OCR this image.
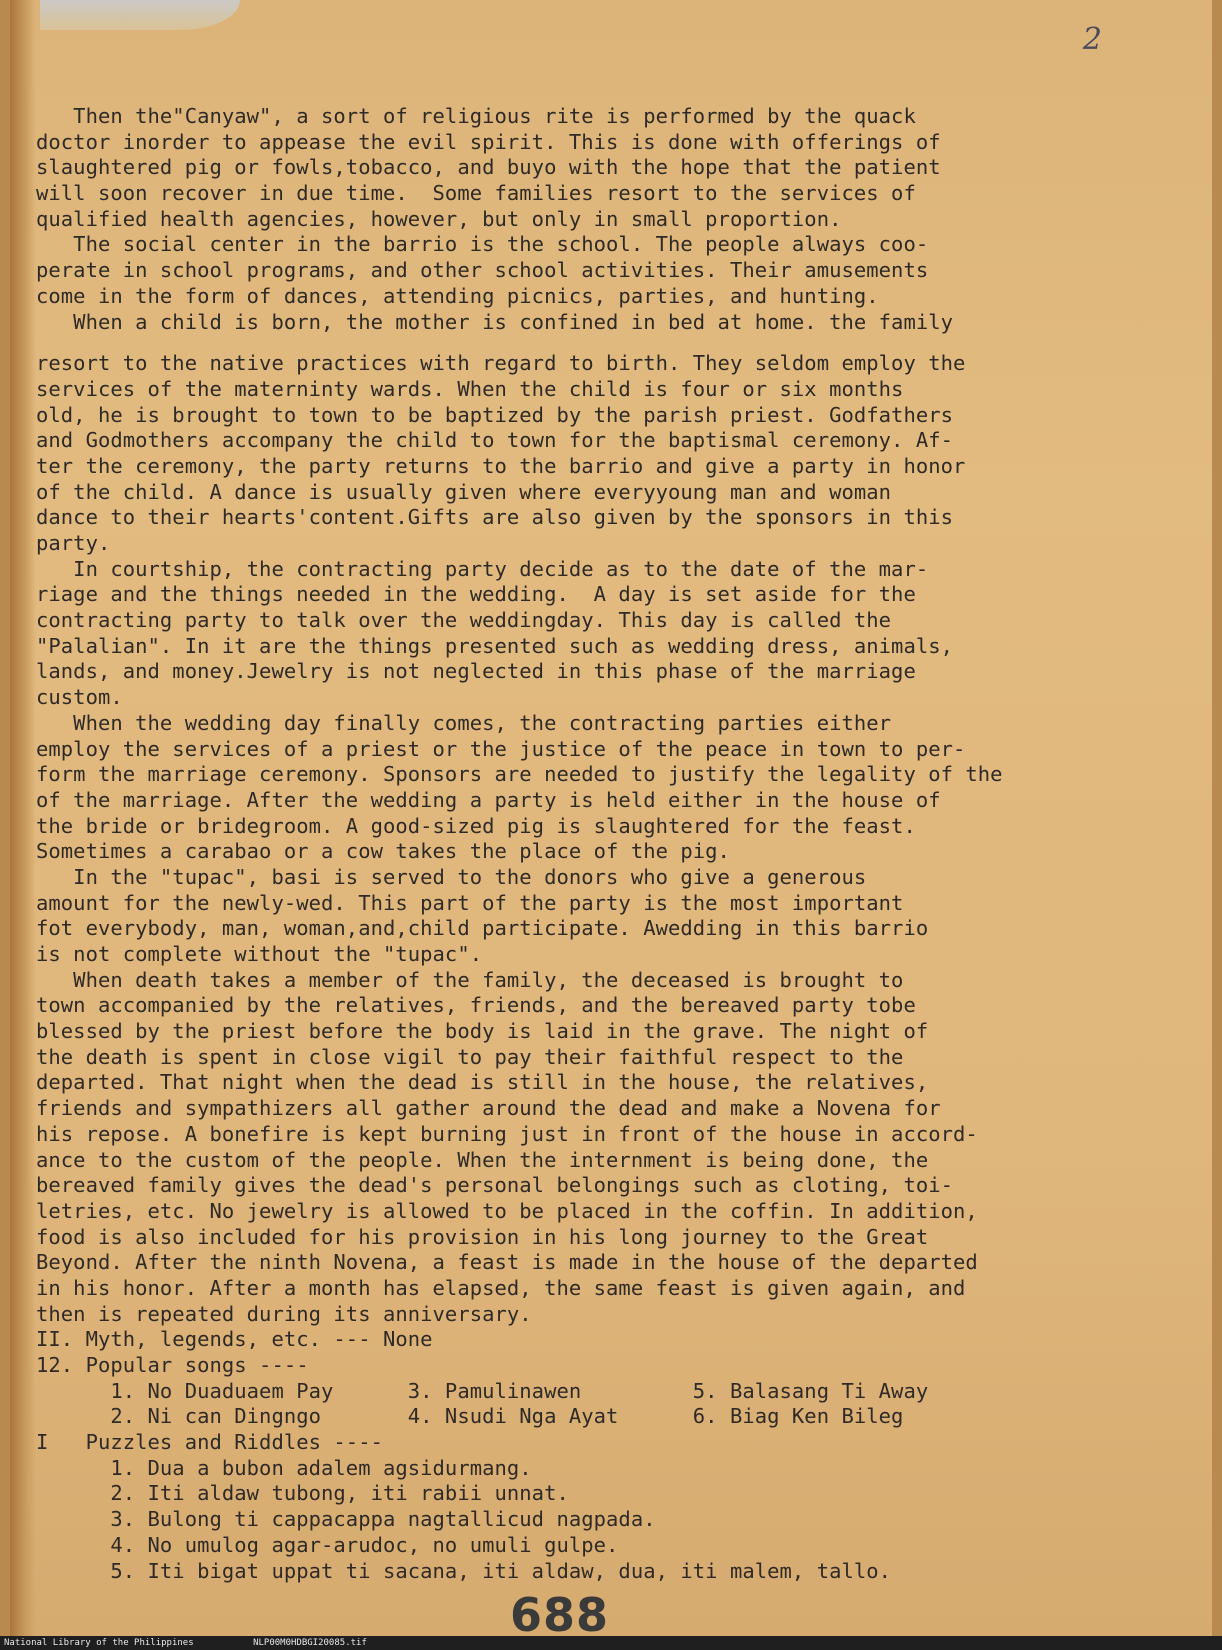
2
Then the"Canyaw", a sort of religious rite is performed by the quack
doctor inorder to appease the evil spirit. This is done with offerings of
slaughtered pig or fowls,tobacco, and buyo with the hope that the patient
will soon recover in due time.  Some families resort to the services of
qualified health agencies, however, but only in small proportion.
The social center in the barrio is the school. The people always coo-
perate in school programs, and other school activities. Their amusements
come in the form of dances, attending picnics, parties, and hunting.
When a child is born, the mother is confined in bed at home. the family
resort to the native practices with regard to birth. They seldom employ the
services of the materninty wards. When the child is four or six months
old, he is brought to town to be baptized by the parish priest. Godfathers
and Godmothers accompany the child to town for the baptismal ceremony. Af-
ter the ceremony, the party returns to the barrio and give a party in honor
of the child. A dance is usually given where everyyoung man and woman
dance to their hearts'content.Gifts are also given by the sponsors in this
party.
In courtship, the contracting party decide as to the date of the mar-
riage and the things needed in the wedding.  A day is set aside for the
contracting party to talk over the weddingday. This day is called the
"Palalian". In it are the things presented such as wedding dress, animals,
lands, and money.Jewelry is not neglected in this phase of the marriage
custom.
When the wedding day finally comes, the contracting parties either
employ the services of a priest or the justice of the peace in town to per-
form the marriage ceremony. Sponsors are needed to justify the legality of the
of the marriage. After the wedding a party is held either in the house of
the bride or bridegroom. A good-sized pig is slaughtered for the feast.
Sometimes a carabao or a cow takes the place of the pig.
In the "tupac", basi is served to the donors who give a generous
amount for the newly-wed. This part of the party is the most important
fot everybody, man, woman,and,child participate. Awedding in this barrio
is not complete without the "tupac".
When death takes a member of the family, the deceased is brought to
town accompanied by the relatives, friends, and the bereaved party tobe
blessed by the priest before the body is laid in the grave. The night of
the death is spent in close vigil to pay their faithful respect to the
departed. That night when the dead is still in the house, the relatives,
friends and sympathizers all gather around the dead and make a Novena for
his repose. A bonefire is kept burning just in front of the house in accord-
ance to the custom of the people. When the internment is being done, the
bereaved family gives the dead's personal belongings such as cloting, toi-
letries, etc. No jewelry is allowed to be placed in the coffin. In addition,
food is also included for his provision in his long journey to the Great
Beyond. After the ninth Novena, a feast is made in the house of the departed
in his honor. After a month has elapsed, the same feast is given again, and
then is repeated during its anniversary.
II. Myth, legends, etc. --- None
12. Popular songs ----
1. No Duaduaem Pay      3. Pamulinawen         5. Balasang Ti Away
2. Ni can Dingngo       4. Nsudi Nga Ayat      6. Biag Ken Bileg
I   Puzzles and Riddles ----
1. Dua a bubon adalem agsidurmang.
2. Iti aldaw tubong, iti rabii unnat.
3. Bulong ti cappacappa nagtallicud nagpada.
4. No umulog agar-arudoc, no umuli gulpe.
5. Iti bigat uppat ti sacana, iti aldaw, dua, iti malem, tallo.
688
National Library of the Philippines	NLP00M0HDBGI20085.tif
